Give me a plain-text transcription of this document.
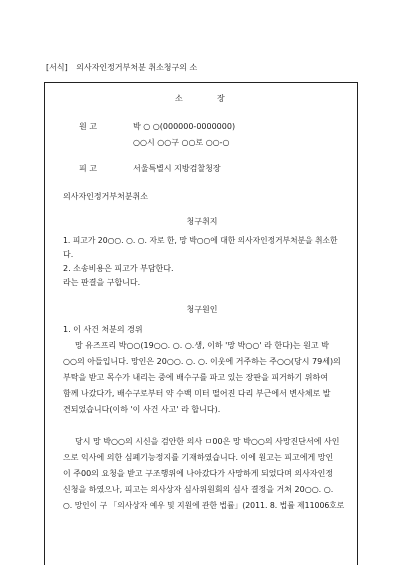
[서식] 의사자인정거부처분 취소청구의 소
소	장
원 고	박 ○ ○(000000-0000000)
○○시 ○○구 ○○로 ○○-○
피 고	서울특별시 지방검찰청장
의사자인정거부처분취소
청구취지
1. 피고가 20○○. ○. ○. 자로 한, 망 박○○에 대한 의사자인정거부처분을 취소한
다.
2. 소송비용은 피고가 부담한다.
라는 판결을 구합니다.
청구원인
1. 이 사건 처분의 경위
망 유즈프리 박○○(19○○. ○. ○.생, 이하 '망 박○○' 라 한다)는 원고 박
○○의 아들입니다. 망인은 20○○. ○. ○. 이웃에 거주하는 주○○(당시 79세)의
부탁을 받고 목수가 내리는 중에 배수구를 파고 있는 장판을 피거하기 위하여
함께 나갔다가, 배수구로부터 약 수백 미터 떨어진 다리 부근에서 변사체로 발
견되었습니다(이하 '이 사건 사고' 라 합니다).
당시 망 박○○의 시신을 검안한 의사 ㅁ00은 망 박○○의 사망진단서에 사인
으로 익사에 의한 심폐기능정지를 기재하였습니다. 이에 원고는 피고에게 망인
이 주00의 요청을 받고 구조행위에 나아갔다가 사망하게 되었다며 의사자인정
신청을 하였으나, 피고는 의사상자 심사위원회의 심사 결정을 거쳐 20○○. ○.
○. 망인이 구 「의사상자 예우 및 지원에 관한 법률」(2011. 8. 법률 제11006호로
